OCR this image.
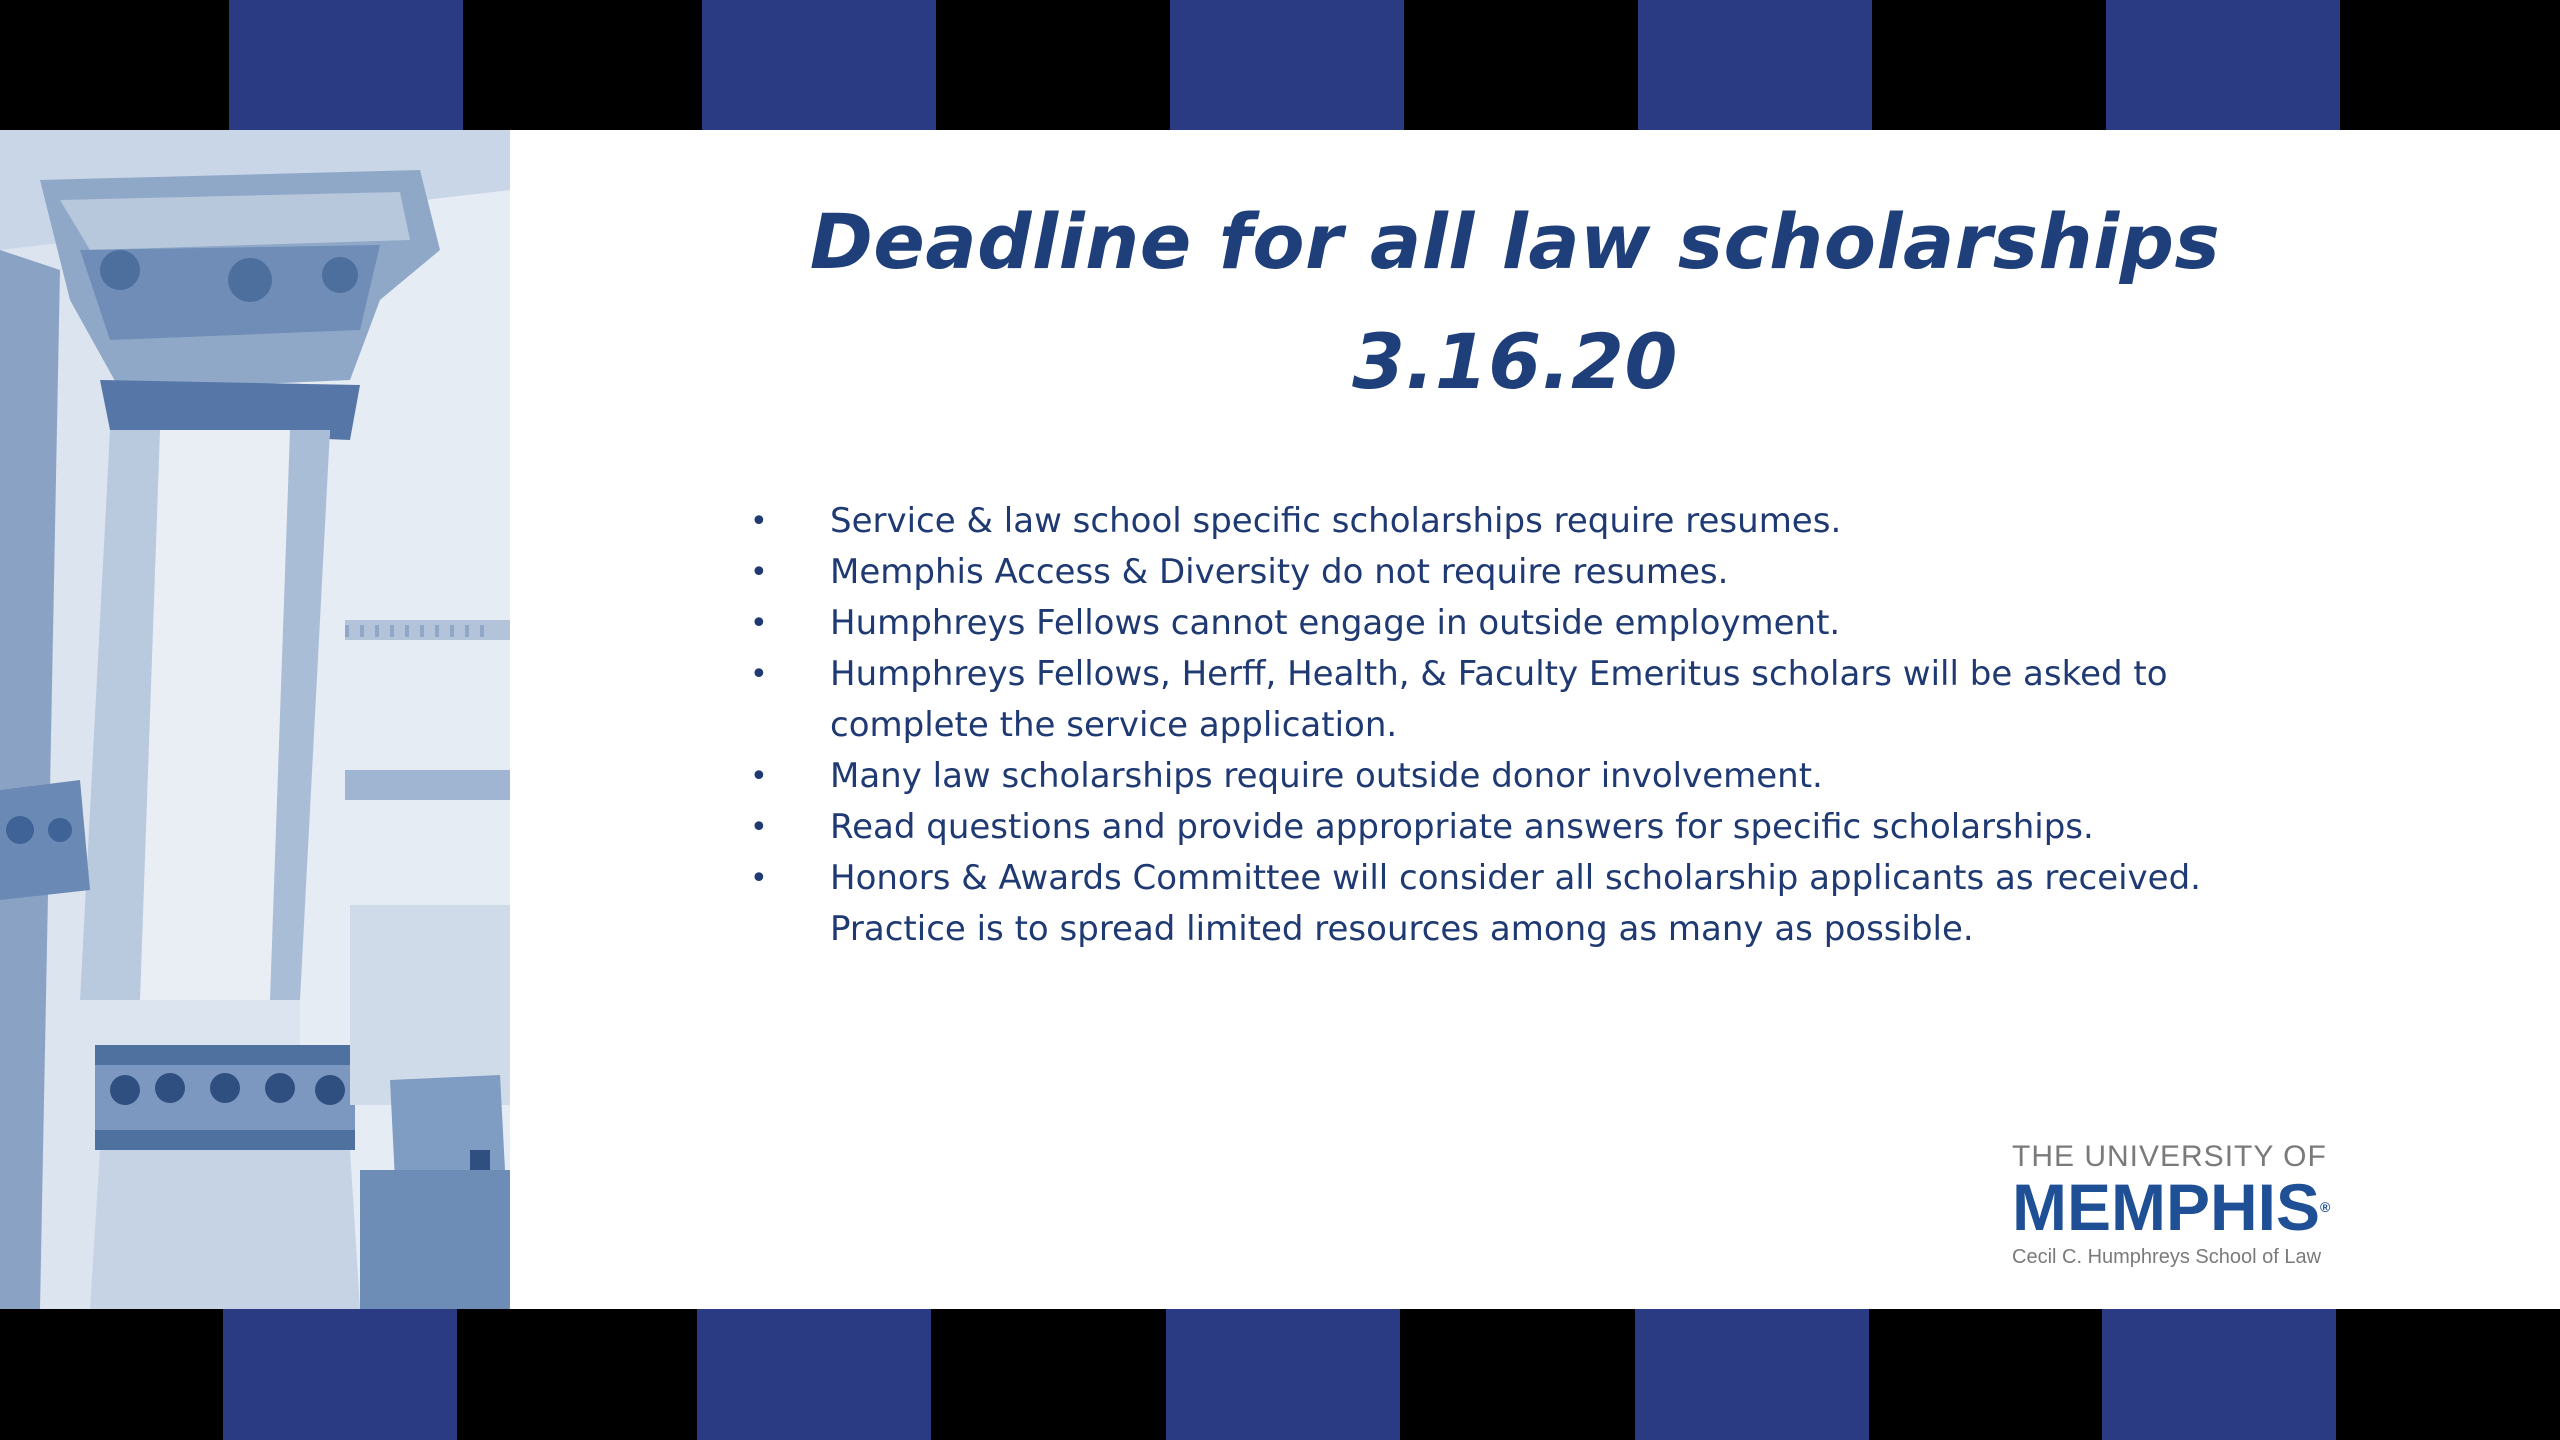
Deadline for all law scholarships
3.16.20
• Service & law school specific scholarships require resumes.
• Memphis Access & Diversity do not require resumes.
• Humphreys Fellows cannot engage in outside employment.
• Humphreys Fellows, Herff, Health, & Faculty Emeritus scholars will be asked to complete the service application.
• Many law scholarships require outside donor involvement.
• Read questions and provide appropriate answers for specific scholarships.
• Honors & Awards Committee will consider all scholarship applicants as received. Practice is to spread limited resources among as many as possible.
THE UNIVERSITY OF
MEMPHIS®
Cecil C. Humphreys School of Law
